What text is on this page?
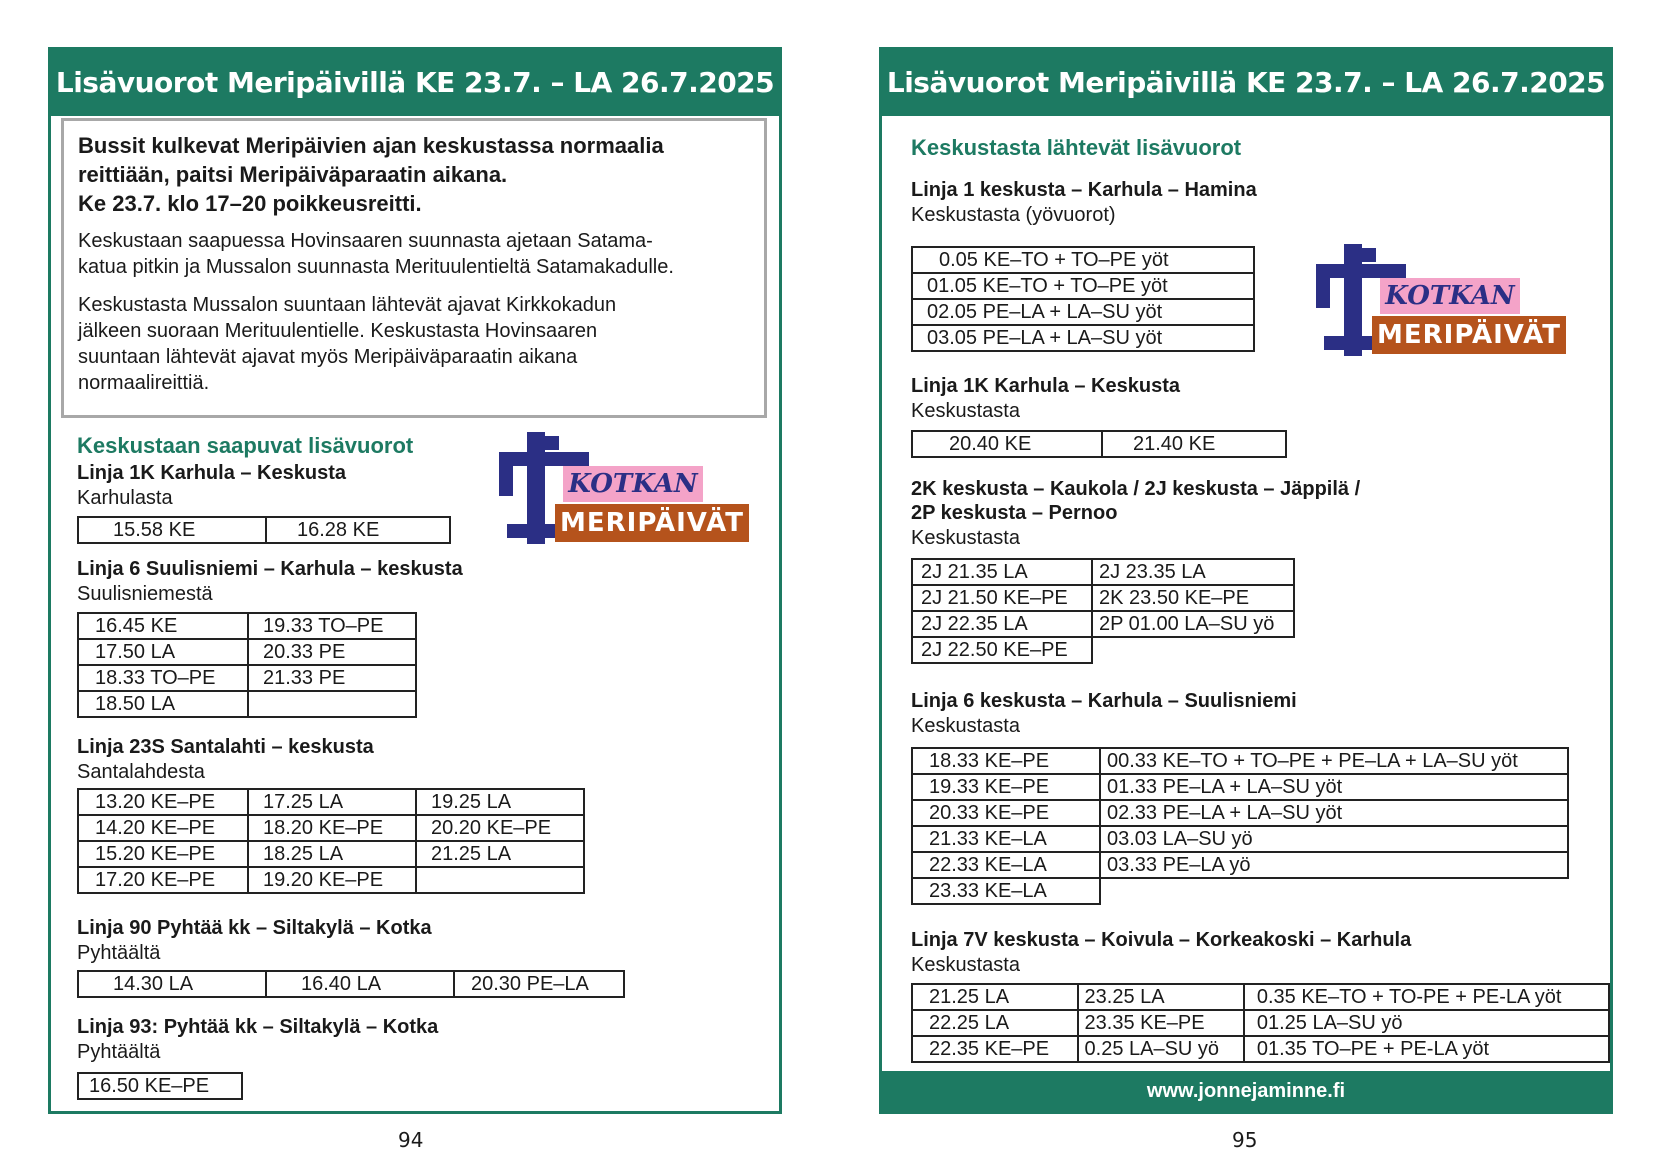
Lisävuorot Meripäivillä KE 23.7. – LA 26.7.2025
Bussit kulkevat Meripäivien ajan keskustassa normaalia
reittiään, paitsi Meripäiväparaatin aikana.
Ke 23.7. klo 17–20 poikkeusreitti.

Keskustaan saapuessa Hovinsaaren suunnasta ajetaan Satama-
katua pitkin ja Mussalon suunnasta Merituulentieltä Satamakadulle.

Keskustasta Mussalon suuntaan lähtevät ajavat Kirkkokadun
jälkeen suoraan Merituulentielle. Keskustasta Hovinsaaren
suuntaan lähtevät ajavat myös Meripäiväparaatin aikana
normaalireittiä.

Keskustaan saapuvat lisävuorot
Linja 1K Karhula – Keskusta
Karhulasta
15.58 KE	16.28 KE
Linja 6 Suulisniemi – Karhula – keskusta
Suulisniemestä
16.45 KE	19.33 TO–PE
17.50 LA	20.33 PE
18.33 TO–PE	21.33 PE
18.50 LA	
Linja 23S Santalahti – keskusta
Santalahdesta
13.20 KE–PE	17.25 LA	19.25 LA
14.20 KE–PE	18.20 KE–PE	20.20 KE–PE
15.20 KE–PE	18.25 LA	21.25 LA
17.20 KE–PE	19.20 KE–PE	
Linja 90 Pyhtää kk – Siltakylä – Kotka
Pyhtäältä
14.30 LA	16.40 LA	20.30 PE–LA
Linja 93: Pyhtää kk – Siltakylä – Kotka
Pyhtäältä
16.50 KE–PE
KOTKAN
MERIPÄIVÄT
94
Lisävuorot Meripäivillä KE 23.7. – LA 26.7.2025
Keskustasta lähtevät lisävuorot
Linja 1 keskusta – Karhula – Hamina
Keskustasta (yövuorot)
0.05 KE–TO + TO–PE yöt
01.05 KE–TO + TO–PE yöt
02.05 PE–LA + LA–SU yöt
03.05 PE–LA + LA–SU yöt
Linja 1K Karhula – Keskusta
Keskustasta
20.40 KE	21.40 KE
2K keskusta – Kaukola / 2J keskusta – Jäppilä /
2P keskusta – Pernoo
Keskustasta
2J 21.35 LA	2J 23.35 LA
2J 21.50 KE–PE	2K 23.50 KE–PE
2J 22.35 LA	2P 01.00 LA–SU yö
2J 22.50 KE–PE	
Linja 6 keskusta – Karhula – Suulisniemi
Keskustasta
18.33 KE–PE	00.33 KE–TO + TO–PE + PE–LA + LA–SU yöt
19.33 KE–PE	01.33 PE–LA + LA–SU yöt
20.33 KE–PE	02.33 PE–LA + LA–SU yöt
21.33 KE–LA	03.03 LA–SU yö
22.33 KE–LA	03.33 PE–LA yö
23.33 KE–LA	
Linja 7V keskusta – Koivula – Korkeakoski – Karhula
Keskustasta
21.25 LA	23.25 LA	0.35 KE–TO + TO-PE + PE-LA yöt
22.25 LA	23.35 KE–PE	01.25 LA–SU yö
22.35 KE–PE	0.25 LA–SU yö	01.35 TO–PE + PE-LA yöt
KOTKAN
MERIPÄIVÄT
www.jonnejaminne.fi
95
